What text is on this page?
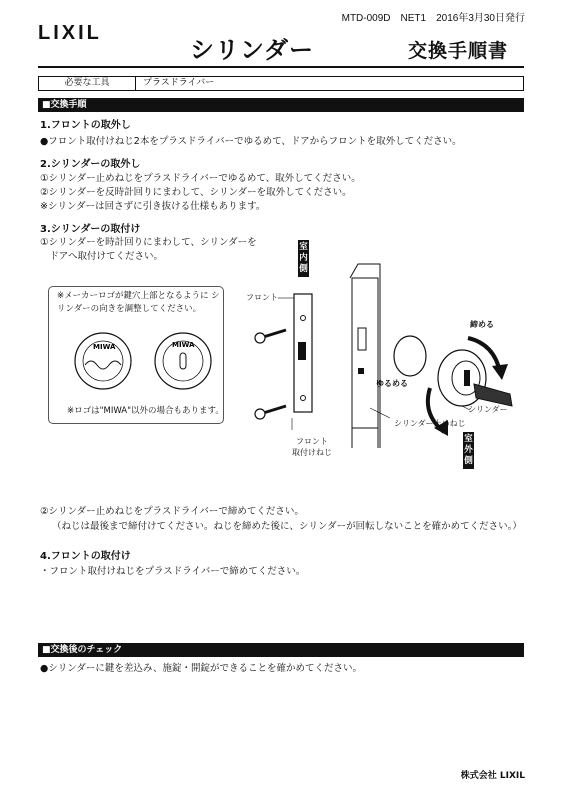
LIXIL
MTD-009D　NET1　2016年3月30日発行
シリンダー	交換手順書
必要な工具	プラスドライバー
■交換手順
1.フロントの取外し
●フロント取付けねじ2本をプラスドライバーでゆるめて、ドアからフロントを取外してください。
2.シリンダーの取外し
①シリンダー止めねじをプラスドライバーでゆるめて、取外してください。
②シリンダーを反時計回りにまわして、シリンダーを取外してください。
※シリンダーは回さずに引き抜ける仕様もあります。
3.シリンダーの取付け
①シリンダーを時計回りにまわして、シリンダーを
　ドアへ取付けてください。
※メーカーロゴが鍵穴上部となるように シリンダーの向きを調整してください。
MIWA	MIWA
※ロゴは"MIWA"以外の場合もあります。
室内側
室外側
フロント
フロント
取付けねじ
締める
ゆるめる
シリンダー
シリンダー止めねじ
②シリンダー止めねじをプラスドライバーで締めてください。
（ねじは最後まで締付けてください。ねじを締めた後に、シリンダーが回転しないことを確かめてください。）
4.フロントの取付け
・フロント取付けねじをプラスドライバーで締めてください。
■交換後のチェック
●シリンダーに鍵を差込み、施錠・開錠ができることを確かめてください。
株式会社 LIXIL
